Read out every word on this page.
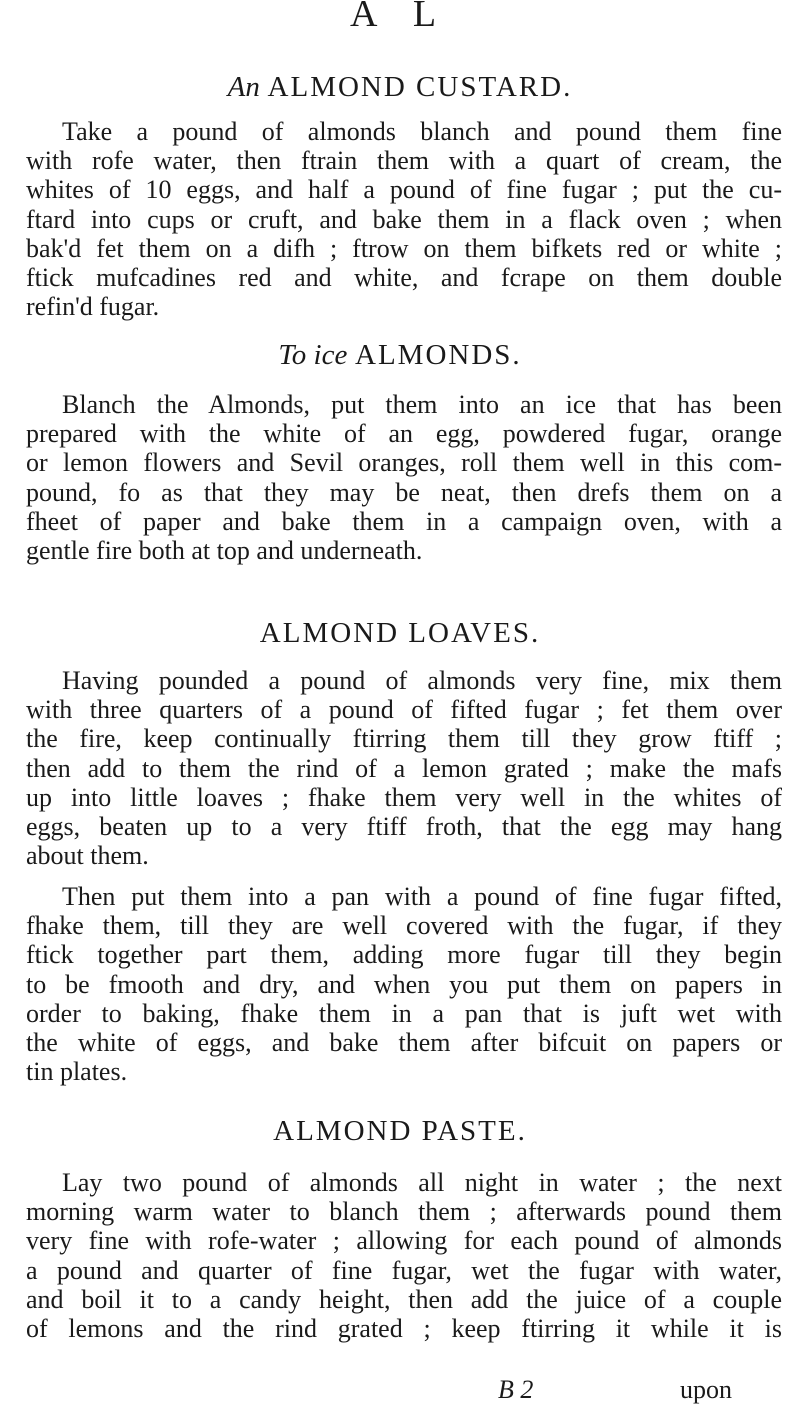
A L
An ALMOND CUSTARD.
Take a pound of almonds blanch and pound them fine
with rofe water, then ftrain them with a quart of cream, the
whites of 10 eggs, and half a pound of fine fugar ; put the cu-
ftard into cups or cruft, and bake them in a flack oven ; when
bak'd fet them on a difh ; ftrow on them bifkets red or white ;
ftick mufcadines red and white, and fcrape on them double
refin'd fugar.
To ice ALMONDS.
Blanch the Almonds, put them into an ice that has been
prepared with the white of an egg, powdered fugar, orange
or lemon flowers and Sevil oranges, roll them well in this com-
pound, fo as that they may be neat, then drefs them on a
fheet of paper and bake them in a campaign oven, with a
gentle fire both at top and underneath.
ALMOND LOAVES.
Having pounded a pound of almonds very fine, mix them
with three quarters of a pound of fifted fugar ; fet them over
the fire, keep continually ftirring them till they grow ftiff ;
then add to them the rind of a lemon grated ; make the mafs
up into little loaves ; fhake them very well in the whites of
eggs, beaten up to a very ftiff froth, that the egg may hang
about them.
Then put them into a pan with a pound of fine fugar fifted,
fhake them, till they are well covered with the fugar, if they
ftick together part them, adding more fugar till they begin
to be fmooth and dry, and when you put them on papers in
order to baking, fhake them in a pan that is juft wet with
the white of eggs, and bake them after bifcuit on papers or
tin plates.
ALMOND PASTE.
Lay two pound of almonds all night in water ; the next
morning warm water to blanch them ; afterwards pound them
very fine with rofe-water ; allowing for each pound of almonds
a pound and quarter of fine fugar, wet the fugar with water,
and boil it to a candy height, then add the juice of a couple
of lemons and the rind grated ; keep ftirring it while it is
B 2	upon
